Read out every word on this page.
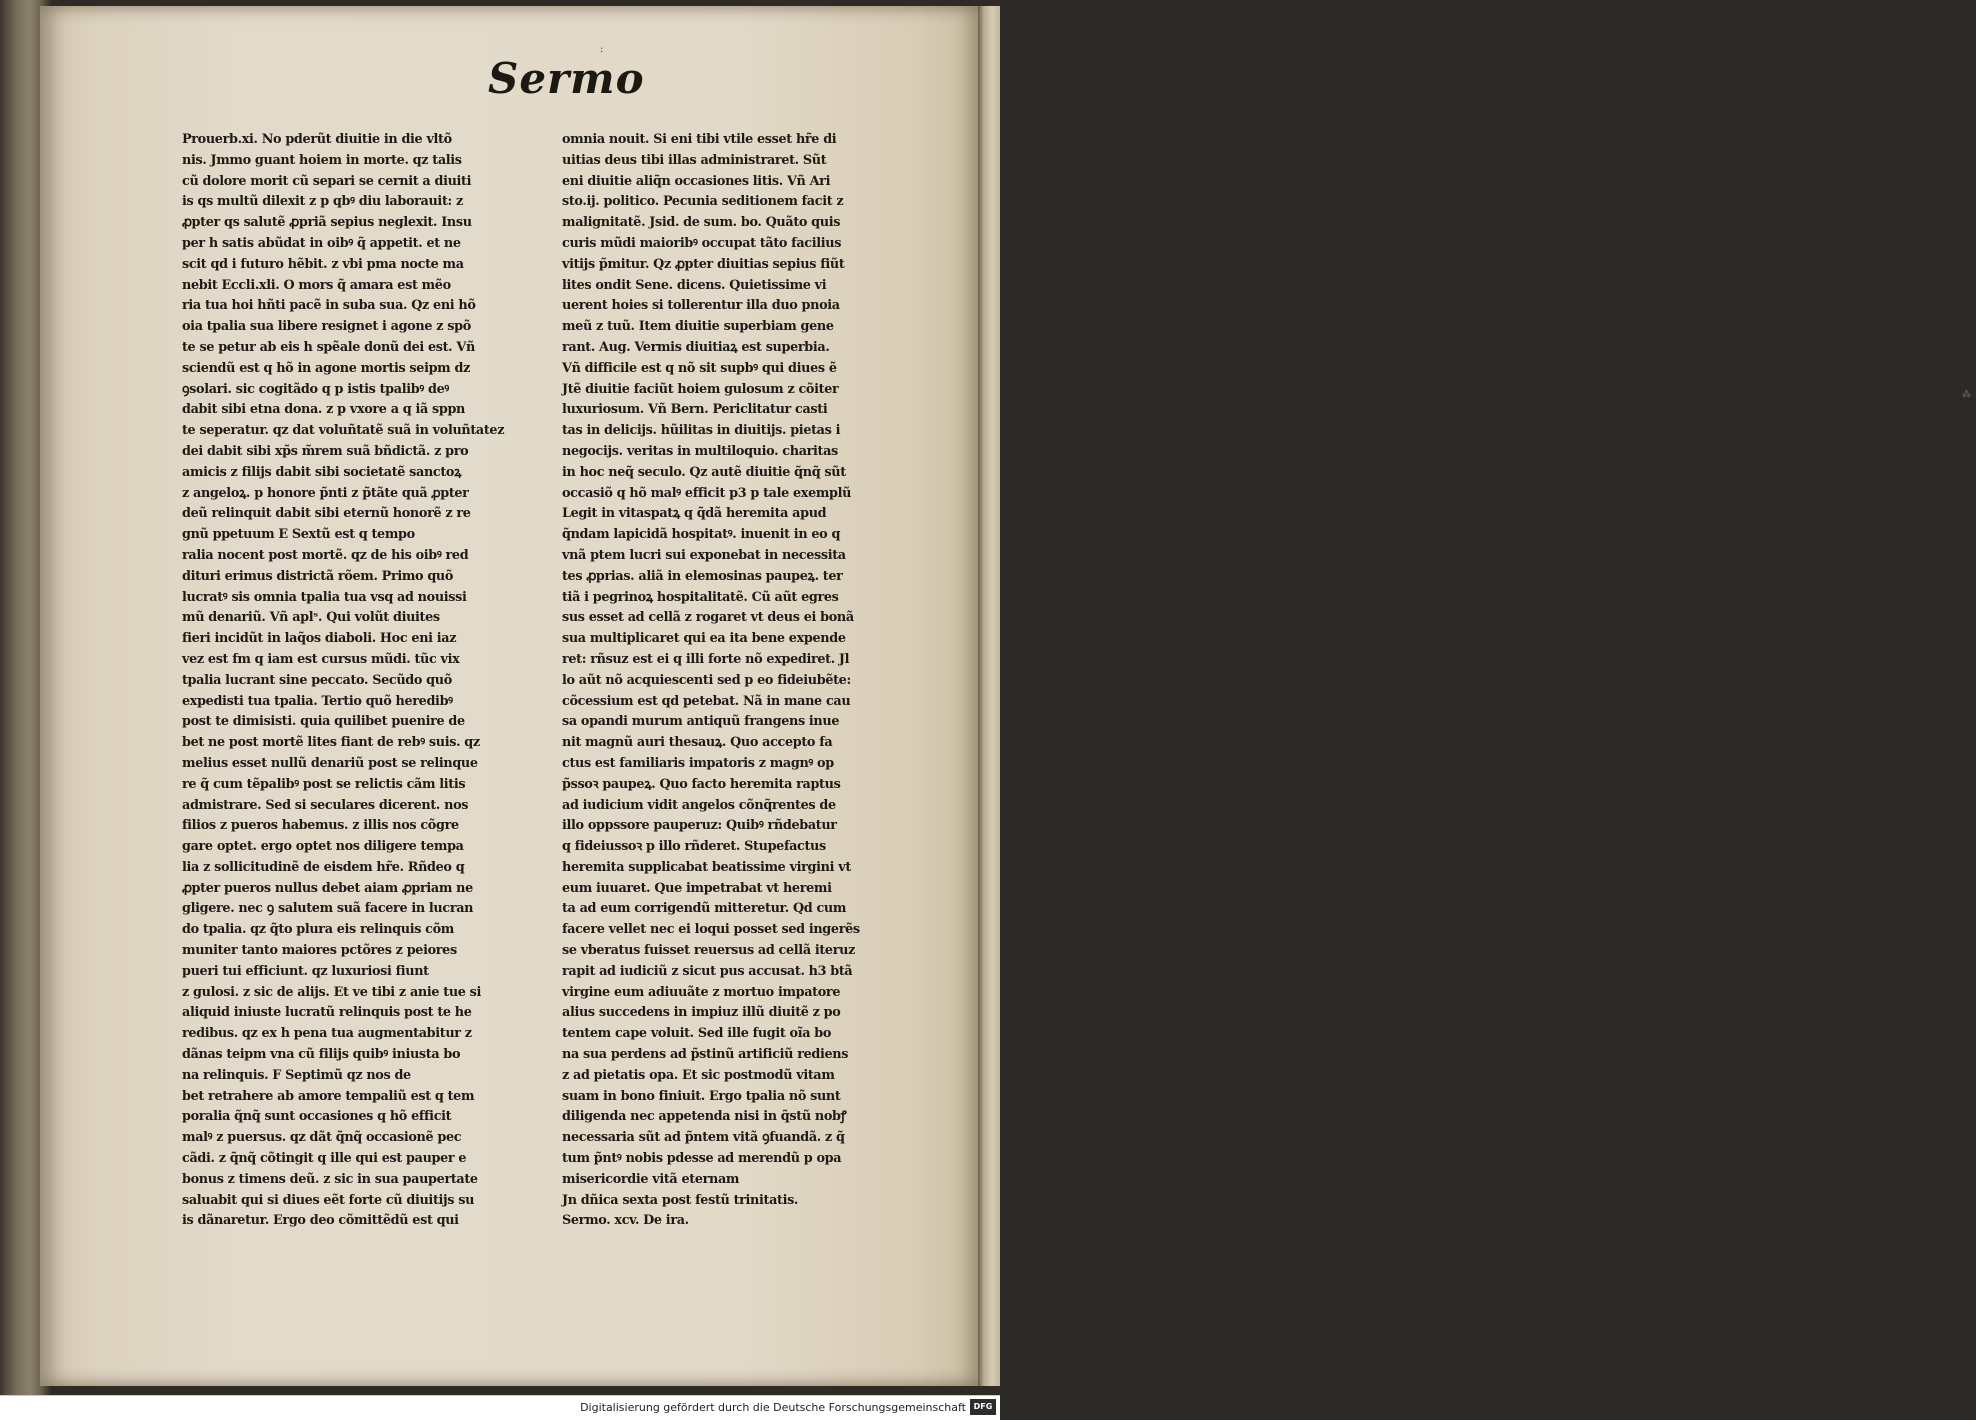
:
⁂
Sermo
Prouerb.xi. No pderũt diuitie in die vltõ
nis. Jmmo guant hoiem in morte. qz talis
cũ dolore morit cũ separi se cernit a diuiti
is qs multũ dilexit z p qbꝰ diu laborauit: z
ꝓpter qs salutẽ ꝓpriã sepius neglexit. Insu
per h satis abũdat in oibꝰ q̃ appetit. et ne
scit qd i futuro hẽbit. z vbi pma nocte ma
nebit Eccli.xli. O mors q̃ amara est mẽo
ria tua hoi hñti pacẽ in suba sua. Qz eni hõ
oia tpalia sua libere resignet i agone z spõ
te se petur ab eis h spẽale donũ dei est. Vñ
sciendũ est q hõ in agone mortis seipm dz
ꝯsolari. sic cogitãdo q p istis tpalibꝰ deꝰ
dabit sibi etna dona. z p vxore a q iã sppn
te seperatur. qz dat voluñtatẽ suã in voluñtatez
dei dabit sibi xp̃s m̃rem suã bñdictã. z pro
amicis z filijs dabit sibi societatẽ sanctoꝝ
z angeloꝝ. p honore p̃nti z p̃tãte quã ꝓpter
deũ relinquit dabit sibi eternũ honorẽ z re
gnũ ppetuum E Sextũ est q tempo
ralia nocent post mortẽ. qz de his oibꝰ red
dituri erimus districtã rõem. Primo quõ
lucratꝰ sis omnia tpalia tua vsq ad nouissi
mũ denariũ. Vñ aplˢ. Qui volũt diuites
fieri incidũt in laq̃os diaboli. Hoc eni iaz
vez est fm q iam est cursus mũdi. tũc vix
tpalia lucrant sine peccato. Secũdo quõ
expedisti tua tpalia. Tertio quõ heredibꝰ
post te dimisisti. quia quilibet puenire de
bet ne post mortẽ lites fiant de rebꝰ suis. qz
melius esset nullũ denariũ post se relinque
re q̃ cum tẽpalibꝰ post se relictis cãm litis
admistrare. Sed si seculares dicerent. nos
filios z pueros habemus. z illis nos cõgre
gare optet. ergo optet nos diligere tempa
lia z sollicitudinẽ de eisdem hr̃e. Rñdeo q
ꝓpter pueros nullus debet aiam ꝓpriam ne
gligere. nec ꝯ salutem suã facere in lucran
do tpalia. qz q̃to plura eis relinquis cõm
muniter tanto maiores pctõres z peiores
pueri tui efficiunt. qz luxuriosi fiunt
z gulosi. z sic de alijs. Et ve tibi z anie tue si
aliquid iniuste lucratũ relinquis post te he
redibus. qz ex h pena tua augmentabitur z
dãnas teipm vna cũ filijs quibꝰ iniusta bo
na relinquis. F Septimũ qz nos de
bet retrahere ab amore tempaliũ est q tem
poralia q̃nq̃ sunt occasiones q hõ efficit
malꝰ z puersus. qz dãt q̃nq̃ occasionẽ pec
cãdi. z q̃nq̃ cõtingit q ille qui est pauper e
bonus z timens deũ. z sic in sua paupertate
saluabit qui si diues eẽt forte cũ diuitijs su
is dãnaretur. Ergo deo cõmittẽdũ est qui
omnia nouit. Si eni tibi vtile esset hr̃e di
uitias deus tibi illas administraret. Sũt
eni diuitie aliq̃n occasiones litis. Vñ Ari
sto.ij. politico. Pecunia seditionem facit z
malignitatẽ. Jsid. de sum. bo. Quãto quis
curis mũdi maioribꝰ occupat tãto facilius
vitijs p̃mitur. Qz ꝓpter diuitias sepius fiũt
lites ondit Sene. dicens. Quietissime vi
uerent hoies si tollerentur illa duo pnoia
meũ z tuũ. Item diuitie superbiam gene
rant. Aug. Vermis diuitiaꝝ est superbia.
Vñ difficile est q nõ sit supbꝰ qui diues ẽ
Jtẽ diuitie faciũt hoiem gulosum z cõiter
luxuriosum. Vñ Bern. Periclitatur casti
tas in delicijs. hũilitas in diuitijs. pietas i
negocijs. veritas in multiloquio. charitas
in hoc neq̃ seculo. Qz autẽ diuitie q̃nq̃ sũt
occasiõ q hõ malꝰ efficit p3 p tale exemplũ
Legit in vitaspatꝝ q q̃dã heremita apud
q̃ndam lapicidã hospitatꝰ. inuenit in eo q
vnã ptem lucri sui exponebat in necessita
tes ꝓprias. aliã in elemosinas paupeꝝ. ter
tiã i pegrinoꝝ hospitalitatẽ. Cũ aũt egres
sus esset ad cellã z rogaret vt deus ei bonã
sua multiplicaret qui ea ita bene expende
ret: rñsuz est ei q illi forte nõ expediret. Jl
lo aũt nõ acquiescenti sed p eo fideiubẽte:
cõcessium est qd petebat. Nã in mane cau
sa opandi murum antiquũ frangens inue
nit magnũ auri thesauꝝ. Quo accepto fa
ctus est familiaris impatoris z magnꝰ op
p̃ssoꝛ paupeꝝ. Quo facto heremita raptus
ad iudicium vidit angelos cõnq̃rentes de
illo oppssore pauperuz: Quibꝰ rñdebatur
q fideiussoꝛ p illo rñderet. Stupefactus
heremita supplicabat beatissime virgini vt
eum iuuaret. Que impetrabat vt heremi
ta ad eum corrigendũ mitteretur. Qd cum
facere vellet nec ei loqui posset sed ingerẽs
se vberatus fuisset reuersus ad cellã iteruz
rapit ad iudiciũ z sicut pus accusat. h3 btã
virgine eum adiuuãte z mortuo impatore
alius succedens in impiuz illũ diuitẽ z po
tentem cape voluit. Sed ille fugit oĩa bo
na sua perdens ad p̃stinũ artificiũ rediens
z ad pietatis opa. Et sic postmodũ vitam
suam in bono finiuit. Ergo tpalia nõ sunt
diligenda nec appetenda nisi in q̃stũ nobꝭ
necessaria sũt ad p̃ntem vitã ꝯfuandã. z q̃
tum p̃ntꝰ nobis pdesse ad merendũ p opa
misericordie vitã eternam
Jn dñica sexta post festũ trinitatis.
Sermo. xcv. De ira.
Digitalisierung gefördert durch die Deutsche Forschungsgemeinschaft DFG
